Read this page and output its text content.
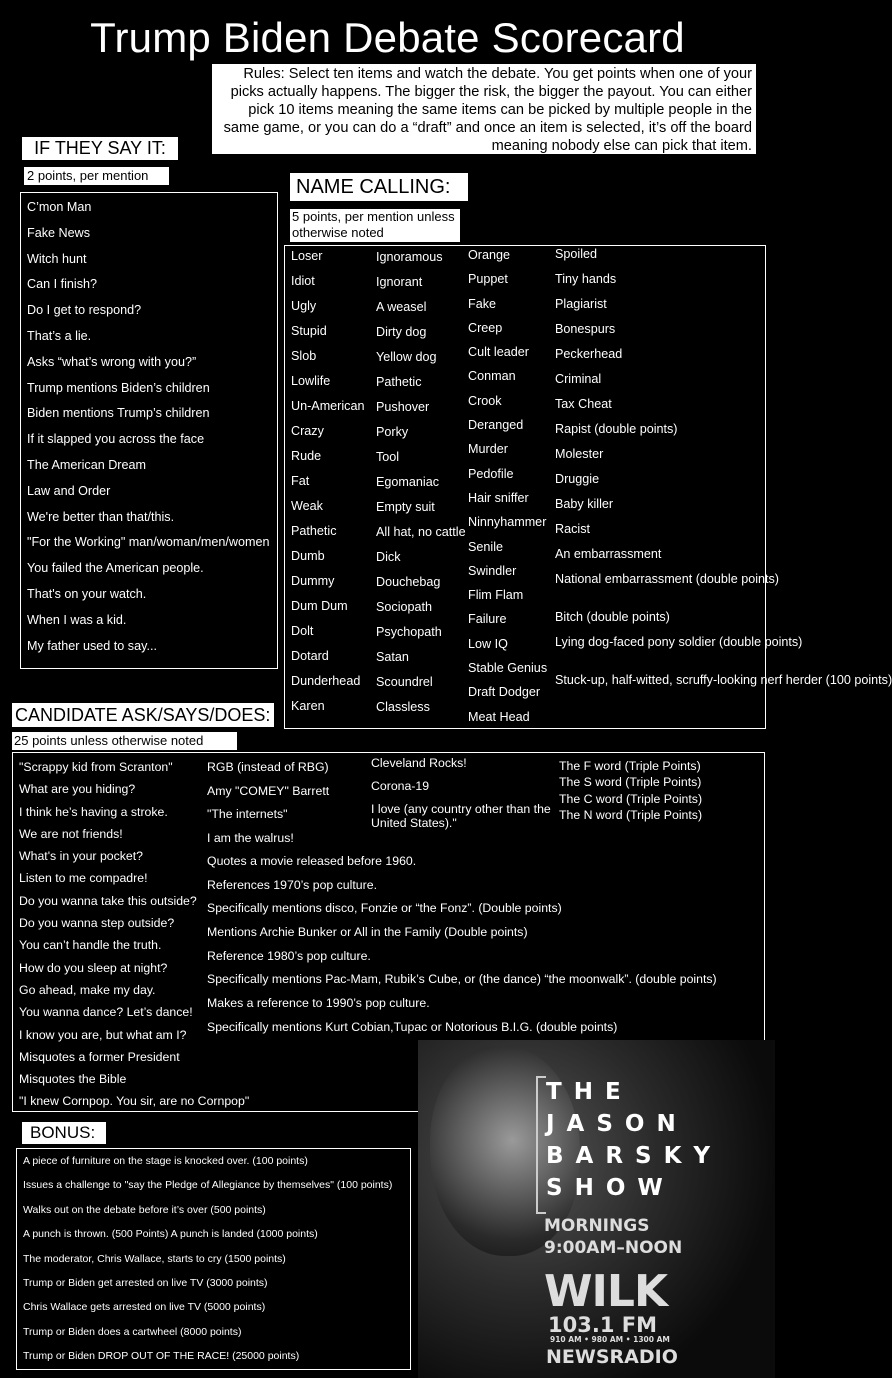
Trump Biden Debate Scorecard
Rules: Select ten items and watch the debate. You get points when one of your picks actually happens. The bigger the risk, the bigger the payout. You can either pick 10 items meaning the same items can be picked by multiple people in the same game, or you can do a “draft” and once an item is selected, it’s off the board meaning nobody else can pick that item.
IF THEY SAY IT:
2 points, per mention
C’mon Man
Fake News
Witch hunt
Can I finish?
Do I get to respond?
That’s a lie.
Asks “what’s wrong with you?”
Trump mentions Biden’s children
Biden mentions Trump’s children
If it slapped you across the face
The American Dream
Law and Order
We're better than that/this.
"For the Working" man/woman/men/women
You failed the American people.
That's on your watch.
When I was a kid.
My father used to say...
NAME CALLING:
5 points, per mention unless otherwise noted
Loser
Idiot
Ugly
Stupid
Slob
Lowlife
Un-American
Crazy
Rude
Fat
Weak
Pathetic
Dumb
Dummy
Dum Dum
Dolt
Dotard
Dunderhead
Karen
Ignoramous
Ignorant
A weasel
Dirty dog
Yellow dog
Pathetic
Pushover
Porky
Tool
Egomaniac
Empty suit
All hat, no cattle
Dick
Douchebag
Sociopath
Psychopath
Satan
Scoundrel
Classless
Orange
Puppet
Fake
Creep
Cult leader
Conman
Crook
Deranged
Murder
Pedofile
Hair sniffer
Ninnyhammer
Senile
Swindler
Flim Flam
Failure
Low IQ
Stable Genius
Draft Dodger
Meat Head
Spoiled
Tiny hands
Plagiarist
Bonespurs
Peckerhead
Criminal
Tax Cheat
Rapist (double points)
Molester
Druggie
Baby killer
Racist
An embarrassment
National embarrassment (double points)
Bitch (double points)
Lying dog-faced pony soldier (double points)
Stuck-up, half-witted, scruffy-looking nerf herder (100 points)
CANDIDATE ASK/SAYS/DOES:
25 points unless otherwise noted
"Scrappy kid from Scranton"
What are you hiding?
I think he’s having a stroke.
We are not friends!
What's in your pocket?
Listen to me compadre!
Do you wanna take this outside?
Do you wanna step outside?
You can’t handle the truth.
How do you sleep at night?
Go ahead, make my day.
You wanna dance? Let’s dance!
I know you are, but what am I?
Misquotes a former President
Misquotes the Bible
"I knew Cornpop. You sir, are no Cornpop"
RGB (instead of RBG)
Amy "COMEY" Barrett
"The internets"
I am the walrus!
Cleveland Rocks!
Corona-19
I love (any country other than the United States)."
The F word (Triple Points)
The S word (Triple Points)
The C word (Triple Points)
The N word (Triple Points)
Quotes a movie released before 1960.
References 1970’s pop culture.
Specifically mentions disco, Fonzie or “the Fonz”. (Double points)
Mentions Archie Bunker or All in the Family (Double points)
Reference 1980’s pop culture.
Specifically mentions Pac-Mam, Rubik’s Cube, or (the dance) “the moonwalk”. (double points)
Makes a reference to 1990’s pop culture.
Specifically mentions Kurt Cobian,Tupac or Notorious B.I.G. (double points)
BONUS:
A piece of furniture on the stage is knocked over. (100 points)
Issues a challenge to "say the Pledge of Allegiance by themselves" (100 points)
Walks out on the debate before it’s over (500 points)
A punch is thrown. (500 Points) A punch is landed (1000 points)
The moderator, Chris Wallace, starts to cry (1500 points)
Trump or Biden get arrested on live TV (3000 points)
Chris Wallace gets arrested on live TV (5000 points)
Trump or Biden does a cartwheel (8000 points)
Trump or Biden DROP OUT OF THE RACE! (25000 points)
THE
JASON
BARSKY
SHOW
MORNINGS
9:00AM–NOON
WILK
103.1 FM
910 AM • 980 AM • 1300 AM
NEWSRADIO
